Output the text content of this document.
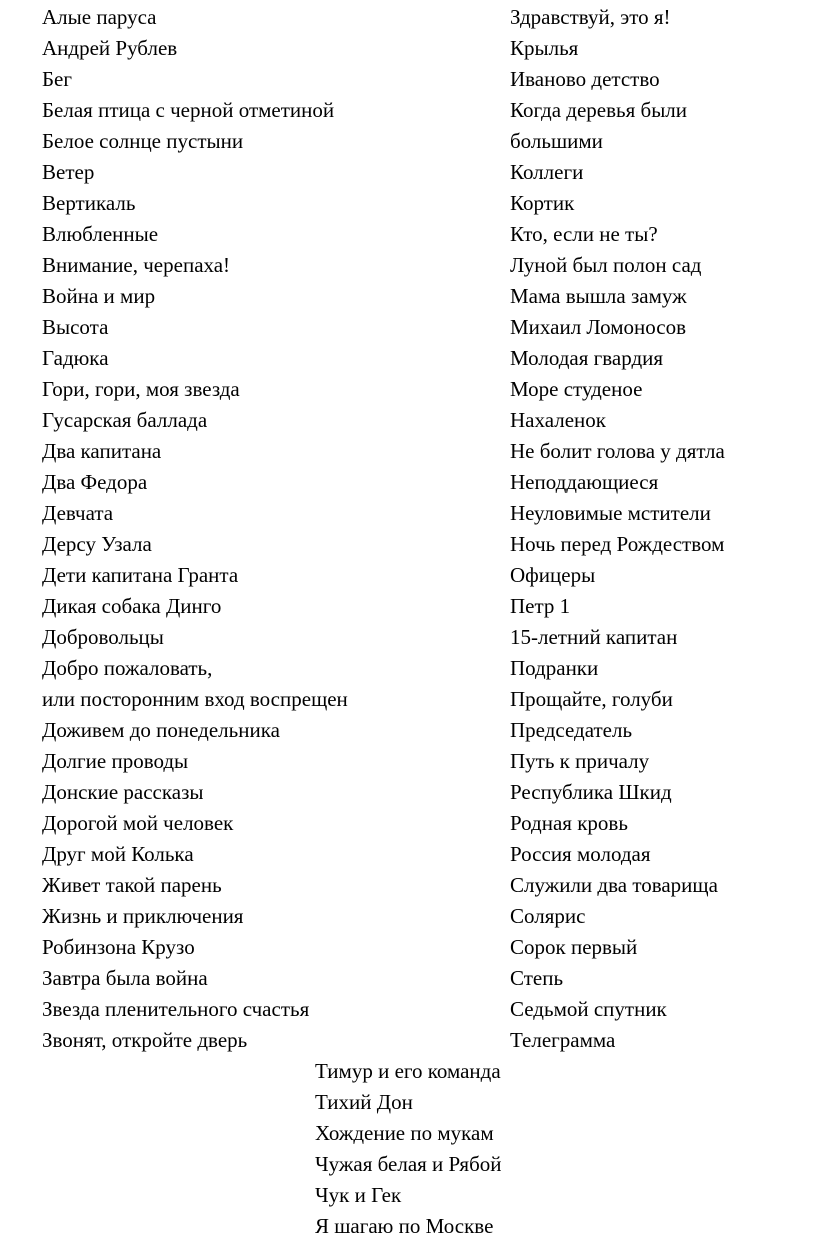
Алые паруса
Андрей Рублев
Бег
Белая птица с черной отметиной
Белое солнце пустыни
Ветер
Вертикаль
Влюбленные
Внимание, черепаха!
Война и мир
Высота
Гадюка
Гори, гори, моя звезда
Гусарская баллада
Два капитана
Два Федора
Девчата
Дерсу Узала
Дети капитана Гранта
Дикая собака Динго
Добровольцы
Добро пожаловать,
или посторонним вход воспрещен
Доживем до понедельника
Долгие проводы
Донские рассказы
Дорогой мой человек
Друг мой Колька
Живет такой парень
Жизнь и приключения
Робинзона Крузо
Завтра была война
Звезда пленительного счастья
Звонят, откройте дверь
Здравствуй, это я!
Крылья
Иваново детство
Когда деревья были
большими
Коллеги
Кортик
Кто, если не ты?
Луной был полон сад
Мама вышла замуж
Михаил Ломоносов
Молодая гвардия
Море студеное
Нахаленок
Не болит голова у дятла
Неподдающиеся
Неуловимые мстители
Ночь перед Рождеством
Офицеры
Петр 1
15-летний капитан
Подранки
Прощайте, голуби
Председатель
Путь к причалу
Республика Шкид
Родная кровь
Россия молодая
Служили два товарища
Солярис
Сорок первый
Степь
Седьмой спутник
Телеграмма
Тимур и его команда
Тихий Дон
Хождение по мукам
Чужая белая и Рябой
Чук и Гек
Я шагаю по Москве
